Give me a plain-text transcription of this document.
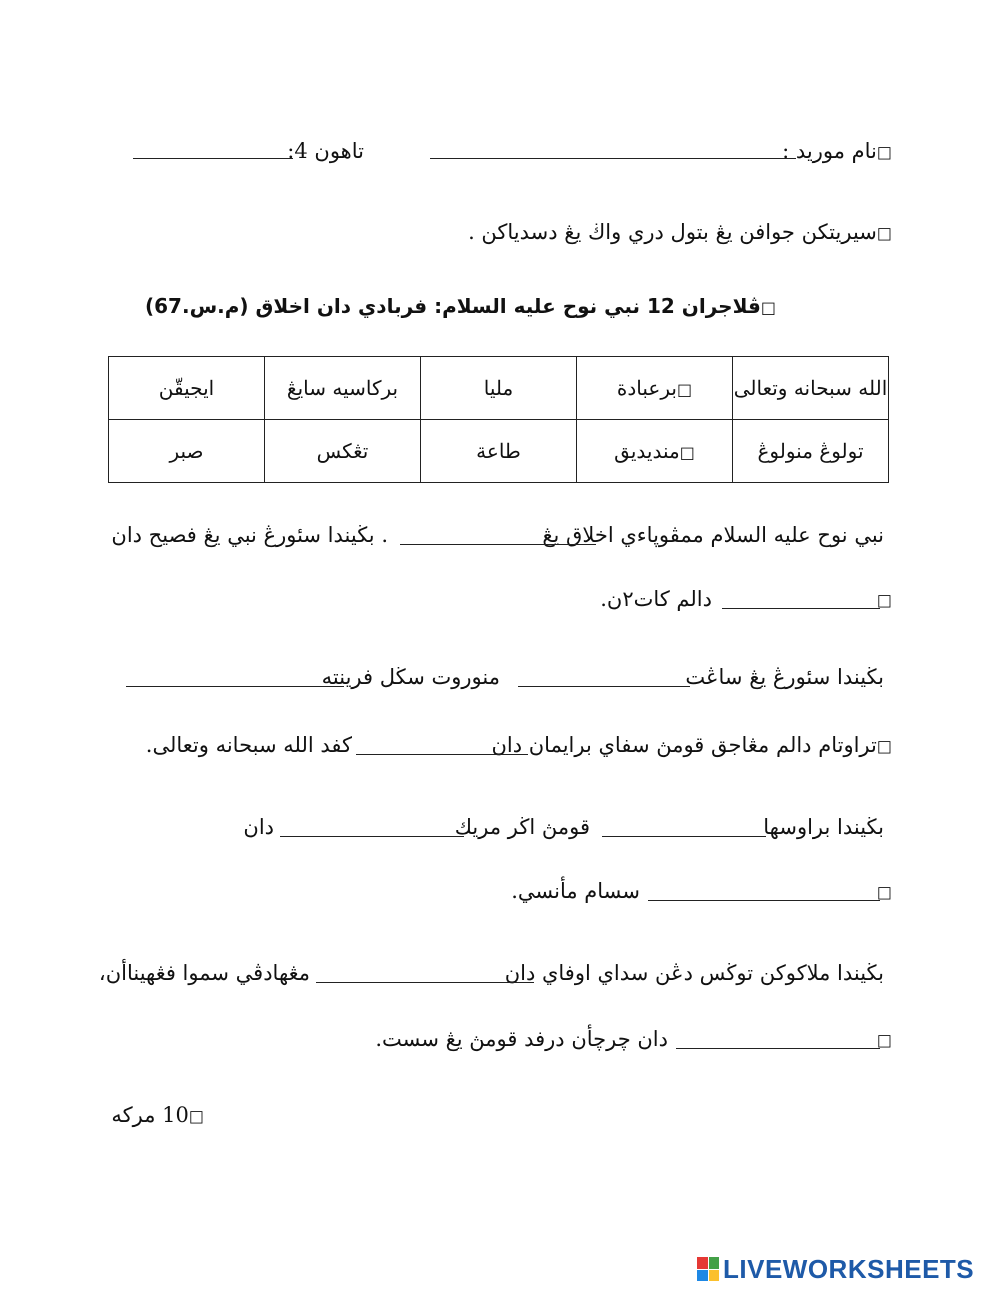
□نام موريد :
تاهون 4:
□سيريتكن جوافن يڠ بتول دري واڬ يڠ دسدياكن .
□ڤلاجران 12 نبي نوح عليه السلام: فربادي دان اخلاق (م.س.67)
الله سبحانه وتعالى	□برعبادة	مليا	بركاسيه سايڠ	ايجيقّن
تولوڠ منولوڠ	□منديديق	طاعة	تڠكس	صبر
نبي نوح عليه السلام ممڤوڽاءي اخلاق يڠ
. بڬيندا سئورڠ نبي يڠ فصيح دان
□
دالم كات٢ن.
بڬيندا سئورڠ يڠ ساڠت
منوروت سڬل فرينته
□تراوتام دالم مڠاجق قومڽ سفاي برايمان دان
كفد الله سبحانه وتعالى.
بڬيندا براوسها
قومڽ اڬر مريك
دان
□
سسام مأنسي.
بڬيندا ملاكوكن توڬس دڠن سداي اوفاي دان
مڠهادڤي سموا فڠهيناأن،
□
دان چرچأن درفد قومڽ يڠ سست.
□10 مركه
LIVEWORKSHEETS
